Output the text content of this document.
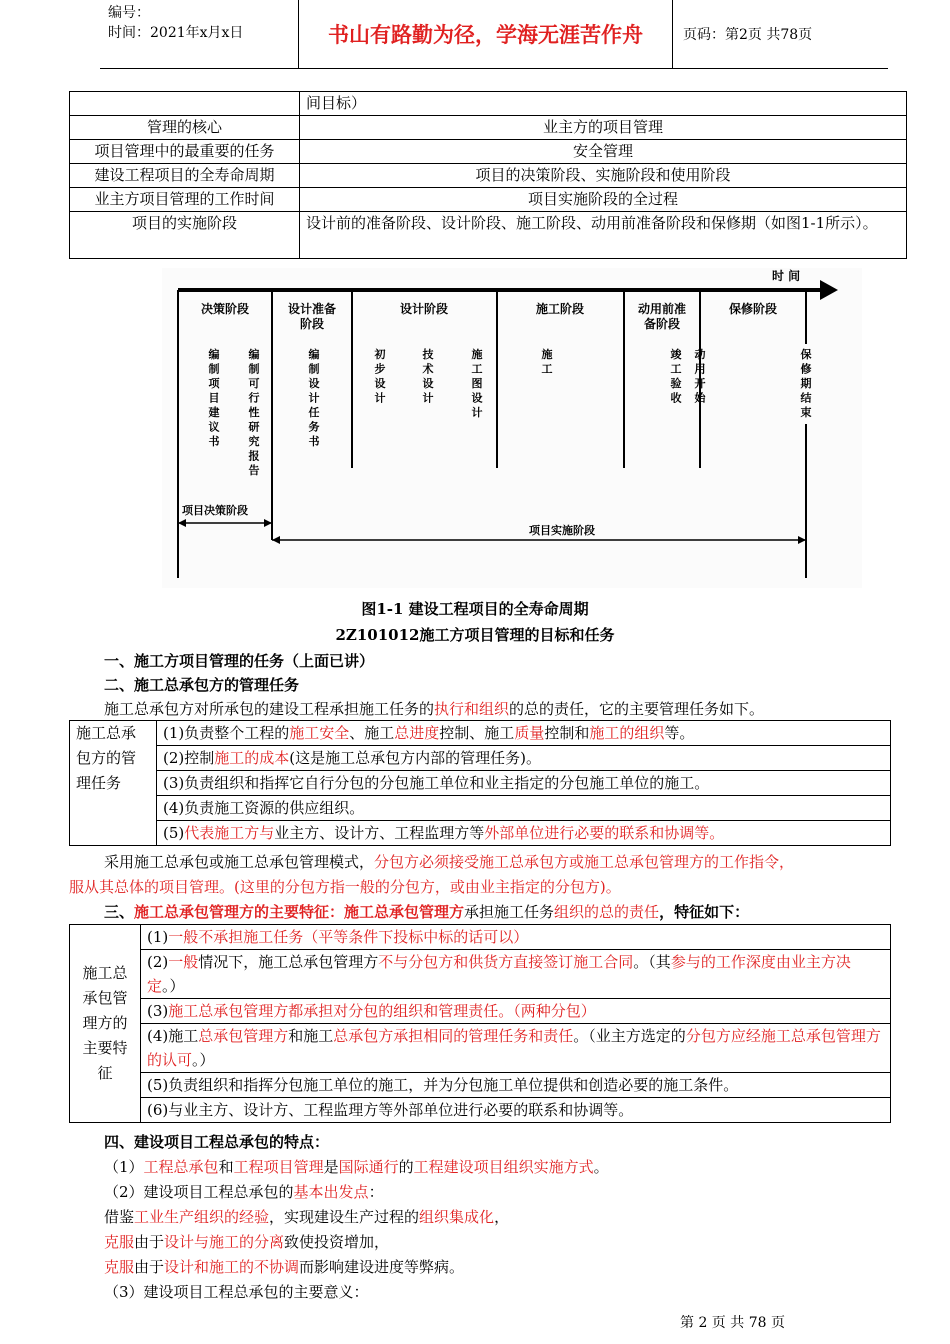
编号：
时间：2021年x月x日	书山有路勤为径，学海无涯苦作舟	页码：第2页 共78页
	间目标）
管理的核心	业主方的项目管理
项目管理中的最重要的任务	安全管理
建设工程项目的全寿命周期	项目的决策阶段、实施阶段和使用阶段
业主方项目管理的工作时间	项目实施阶段的全过程
项目的实施阶段	设计前的准备阶段、设计阶段、施工阶段、动用前准备阶段和保修期（如图1-1所示）。
时 间
决策阶段	设计准备阶段
设计阶段	施工阶段	动用前准备阶段
保修阶段
编制项目建议书
编制可行性研究报告
编制设计任务书
初步设计
技术设计
施工图设计
施工
竣工验收
动用开始
保修期结束
项目决策阶段
项目实施阶段
图1-1 建设工程项目的全寿命周期
2Z101012施工方项目管理的目标和任务
一、施工方项目管理的任务（上面已讲）
二、施工总承包方的管理任务
施工总承包方对所承包的建设工程承担施工任务的执行和组织的总的责任，它的主要管理任务如下。
施工总承包方的管理任务	(1)负责整个工程的施工安全、施工总进度控制、施工质量控制和施工的组织等。
(2)控制施工的成本(这是施工总承包方内部的管理任务)。
(3)负责组织和指挥它自行分包的分包施工单位和业主指定的分包施工单位的施工。
(4)负责施工资源的供应组织。
(5)代表施工方与业主方、设计方、工程监理方等外部单位进行必要的联系和协调等。
采用施工总承包或施工总承包管理模式，分包方必须接受施工总承包方或施工总承包管理方的工作指令，
服从其总体的项目管理。(这里的分包方指一般的分包方，或由业主指定的分包方)。
三、施工总承包管理方的主要特征：施工总承包管理方承担施工任务组织的总的责任，特征如下：
施工总承包管理方的主要特征	(1)一般不承担施工任务（平等条件下投标中标的话可以）
(2)一般情况下，施工总承包管理方不与分包方和供货方直接签订施工合同。（其参与的工作深度由业主方决定。）
(3)施工总承包管理方都承担对分包的组织和管理责任。（两种分包）
(4)施工总承包管理方和施工总承包方承担相同的管理任务和责任。（业主方选定的分包方应经施工总承包管理方的认可。）
(5)负责组织和指挥分包施工单位的施工，并为分包施工单位提供和创造必要的施工条件。
(6)与业主方、设计方、工程监理方等外部单位进行必要的联系和协调等。
四、建设项目工程总承包的特点：
（1）工程总承包和工程项目管理是国际通行的工程建设项目组织实施方式。
（2）建设项目工程总承包的基本出发点：
借鉴工业生产组织的经验，实现建设生产过程的组织集成化，
克服由于设计与施工的分离致使投资增加，
克服由于设计和施工的不协调而影响建设进度等弊病。
（3）建设项目工程总承包的主要意义：
第 2 页 共 78 页
